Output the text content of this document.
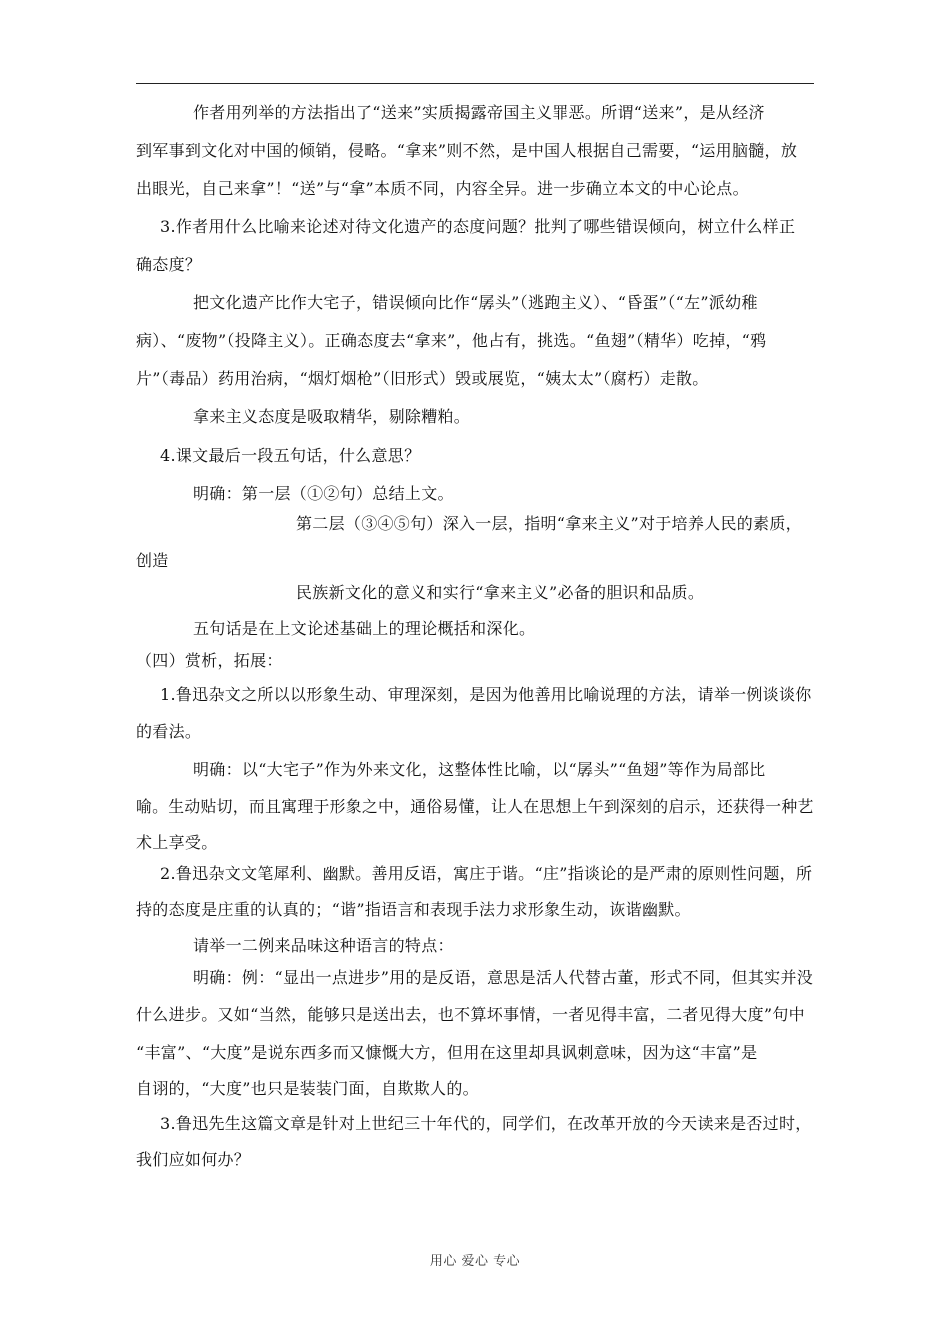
作者用列举的方法指出了“送来”实质揭露帝国主义罪恶。所谓“送来”，是从经济
到军事到文化对中国的倾销，侵略。“拿来”则不然，是中国人根据自己需要，“运用脑髓，放
出眼光，自己来拿”！“送”与“拿”本质不同，内容全异。进一步确立本文的中心论点。
3.作者用什么比喻来论述对待文化遗产的态度问题？批判了哪些错误倾向，树立什么样正
确态度？
把文化遗产比作大宅子，错误倾向比作“孱头”（逃跑主义）、“昏蛋”（“左”派幼稚
病）、“废物”（投降主义）。正确态度去“拿来”，他占有，挑选。“鱼翅”（精华）吃掉，“鸦
片”（毒品）药用治病，“烟灯烟枪”（旧形式）毁或展览，“姨太太”（腐朽）走散。
拿来主义态度是吸取精华，剔除糟粕。
4.课文最后一段五句话，什么意思？
明确：第一层（①②句）总结上文。
第二层（③④⑤句）深入一层，指明“拿来主义”对于培养人民的素质，
创造
民族新文化的意义和实行“拿来主义”必备的胆识和品质。
五句话是在上文论述基础上的理论概括和深化。
（四）赏析，拓展：
1.鲁迅杂文之所以以形象生动、审理深刻，是因为他善用比喻说理的方法，请举一例谈谈你
的看法。
明确：以“大宅子”作为外来文化，这整体性比喻，以“孱头”“鱼翅”等作为局部比
喻。生动贴切，而且寓理于形象之中，通俗易懂，让人在思想上午到深刻的启示，还获得一种艺
术上享受。
2.鲁迅杂文文笔犀利、幽默。善用反语，寓庄于谐。“庄”指谈论的是严肃的原则性问题，所
持的态度是庄重的认真的；“谐”指语言和表现手法力求形象生动，诙谐幽默。
请举一二例来品味这种语言的特点：
明确：例：“显出一点进步”用的是反语，意思是活人代替古董，形式不同，但其实并没
什么进步。又如“当然，能够只是送出去，也不算坏事情，一者见得丰富，二者见得大度”句中
“丰富”、“大度”是说东西多而又慷慨大方，但用在这里却具讽刺意味，因为这“丰富”是
自诩的，“大度”也只是装装门面，自欺欺人的。
3.鲁迅先生这篇文章是针对上世纪三十年代的，同学们，在改革开放的今天读来是否过时，
我们应如何办？
用心 爱心 专心
